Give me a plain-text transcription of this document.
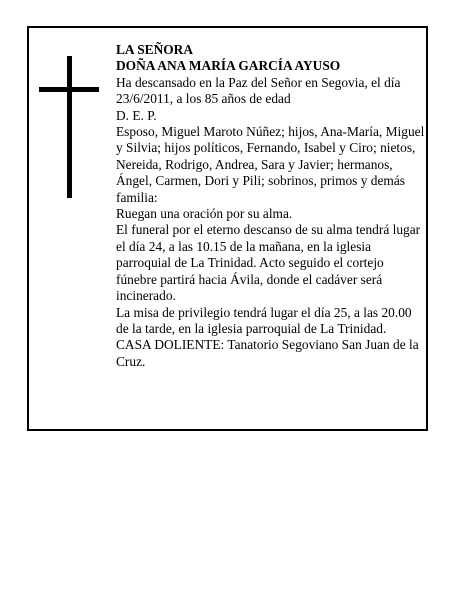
LA SEÑORA

DOÑA ANA MARÍA GARCÍA AYUSO

Ha descansado en la Paz del Señor en Segovia, el día 23/6/2011, a los 85 años de edad

D. E. P.

Esposo, Miguel Maroto Núñez; hijos, Ana-María, Miguel y Silvia; hijos políticos, Fernando, Isabel y Ciro; nietos, Nereida, Rodrigo, Andrea, Sara y Javier; hermanos, Ángel, Carmen, Dori y Pili; sobrinos, primos y demás familia:

Ruegan una oración por su alma.

El funeral por el eterno descanso de su alma tendrá lugar el día 24, a las 10.15 de la mañana, en la iglesia parroquial de La Trinidad. Acto seguido el cortejo fúnebre partirá hacia Ávila, donde el cadáver será incinerado.

La misa de privilegio tendrá lugar el día 25, a las 20.00 de la tarde, en la iglesia parroquial de La Trinidad.

CASA DOLIENTE: Tanatorio Segoviano San Juan de la Cruz.
